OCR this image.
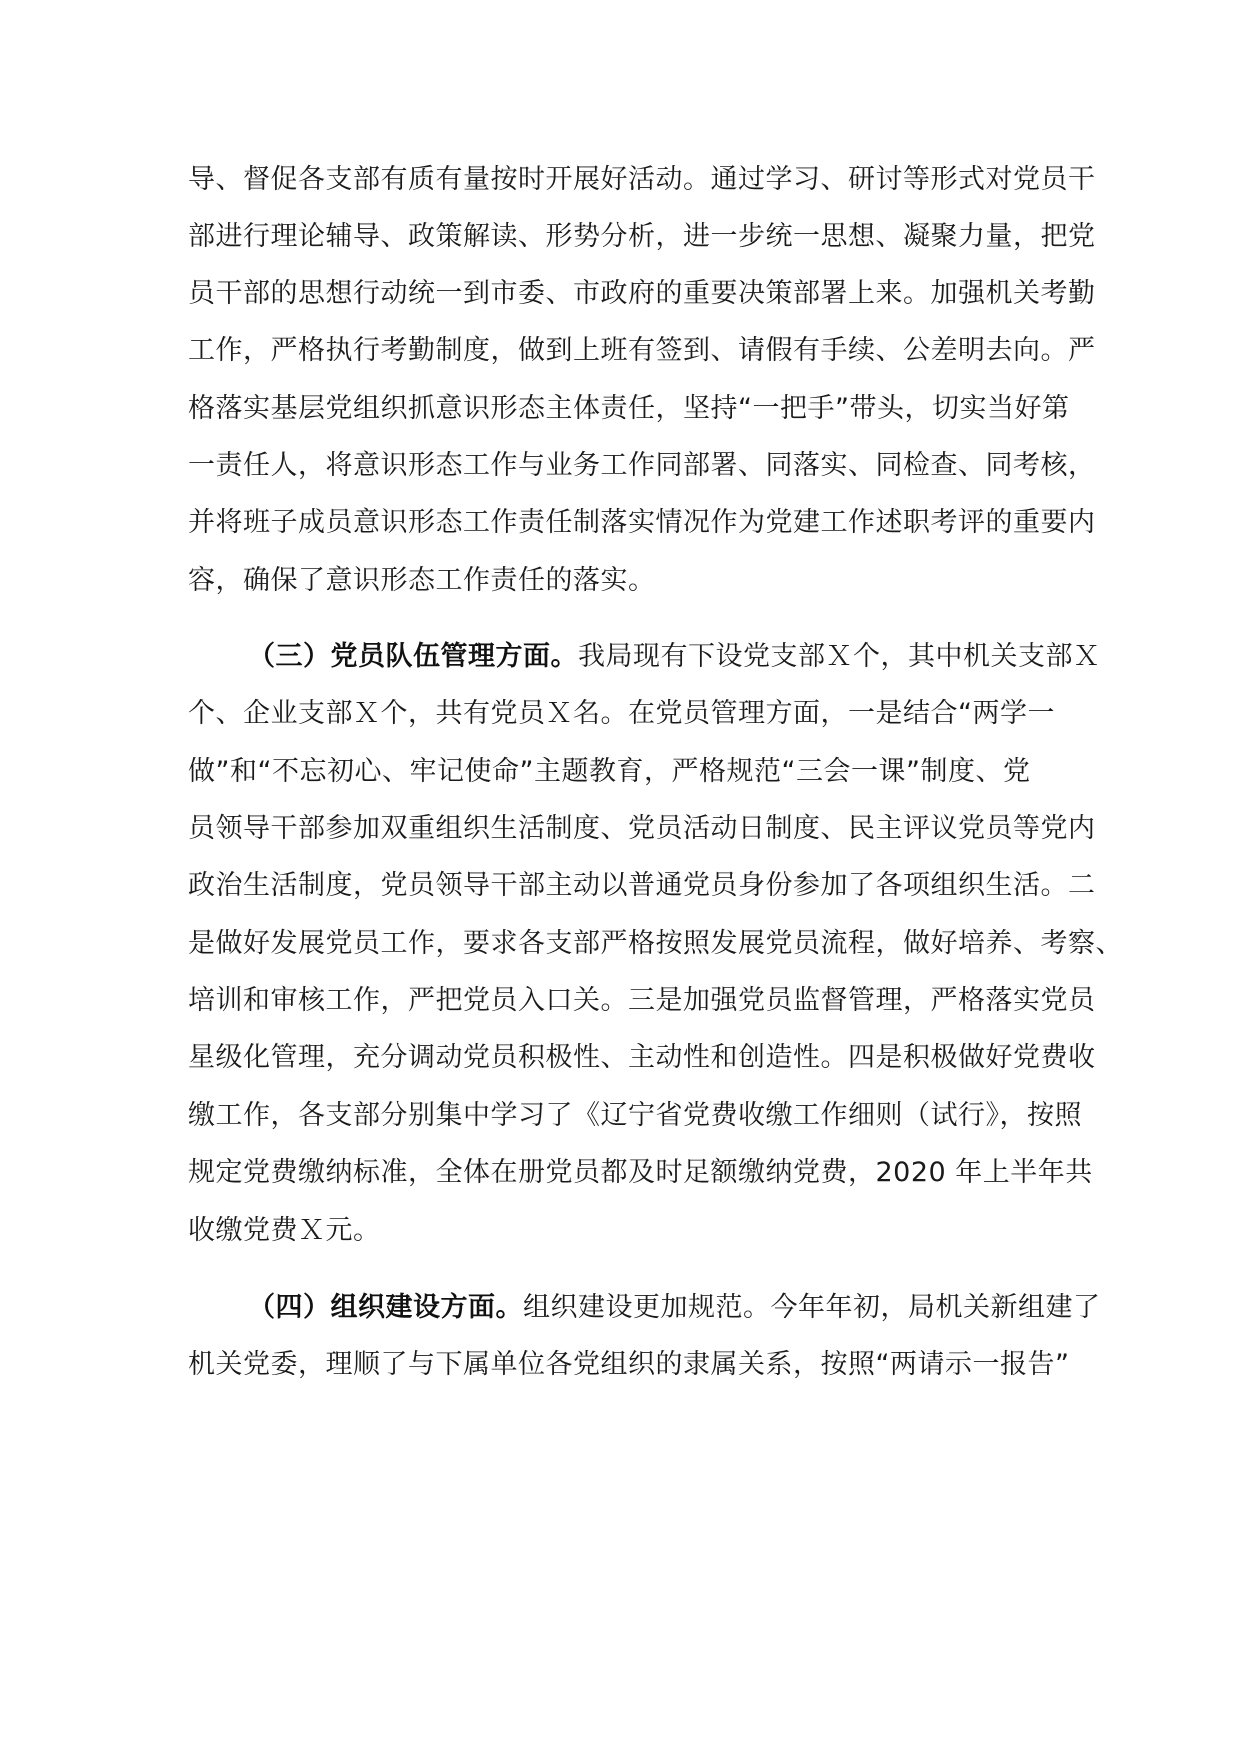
导、督促各支部有质有量按时开展好活动。通过学习、研讨等形式对党员干
部进行理论辅导、政策解读、形势分析，进一步统一思想、凝聚力量，把党
员干部的思想行动统一到市委、市政府的重要决策部署上来。加强机关考勤
工作，严格执行考勤制度，做到上班有签到、请假有手续、公差明去向。严
格落实基层党组织抓意识形态主体责任，坚持“一把手”带头，切实当好第
一责任人，将意识形态工作与业务工作同部署、同落实、同检查、同考核，
并将班子成员意识形态工作责任制落实情况作为党建工作述职考评的重要内
容，确保了意识形态工作责任的落实。
（三）党员队伍管理方面。我局现有下设党支部Ｘ个，其中机关支部Ｘ
个、企业支部Ｘ个，共有党员Ｘ名。在党员管理方面，一是结合“两学一
做”和“不忘初心、牢记使命”主题教育，严格规范“三会一课”制度、党
员领导干部参加双重组织生活制度、党员活动日制度、民主评议党员等党内
政治生活制度，党员领导干部主动以普通党员身份参加了各项组织生活。二
是做好发展党员工作，要求各支部严格按照发展党员流程，做好培养、考察、
培训和审核工作，严把党员入口关。三是加强党员监督管理，严格落实党员
星级化管理，充分调动党员积极性、主动性和创造性。四是积极做好党费收
缴工作，各支部分别集中学习了《辽宁省党费收缴工作细则（试行》，按照
规定党费缴纳标准，全体在册党员都及时足额缴纳党费，2020 年上半年共
收缴党费Ｘ元。
（四）组织建设方面。组织建设更加规范。今年年初，局机关新组建了
机关党委，理顺了与下属单位各党组织的隶属关系，按照“两请示一报告”
